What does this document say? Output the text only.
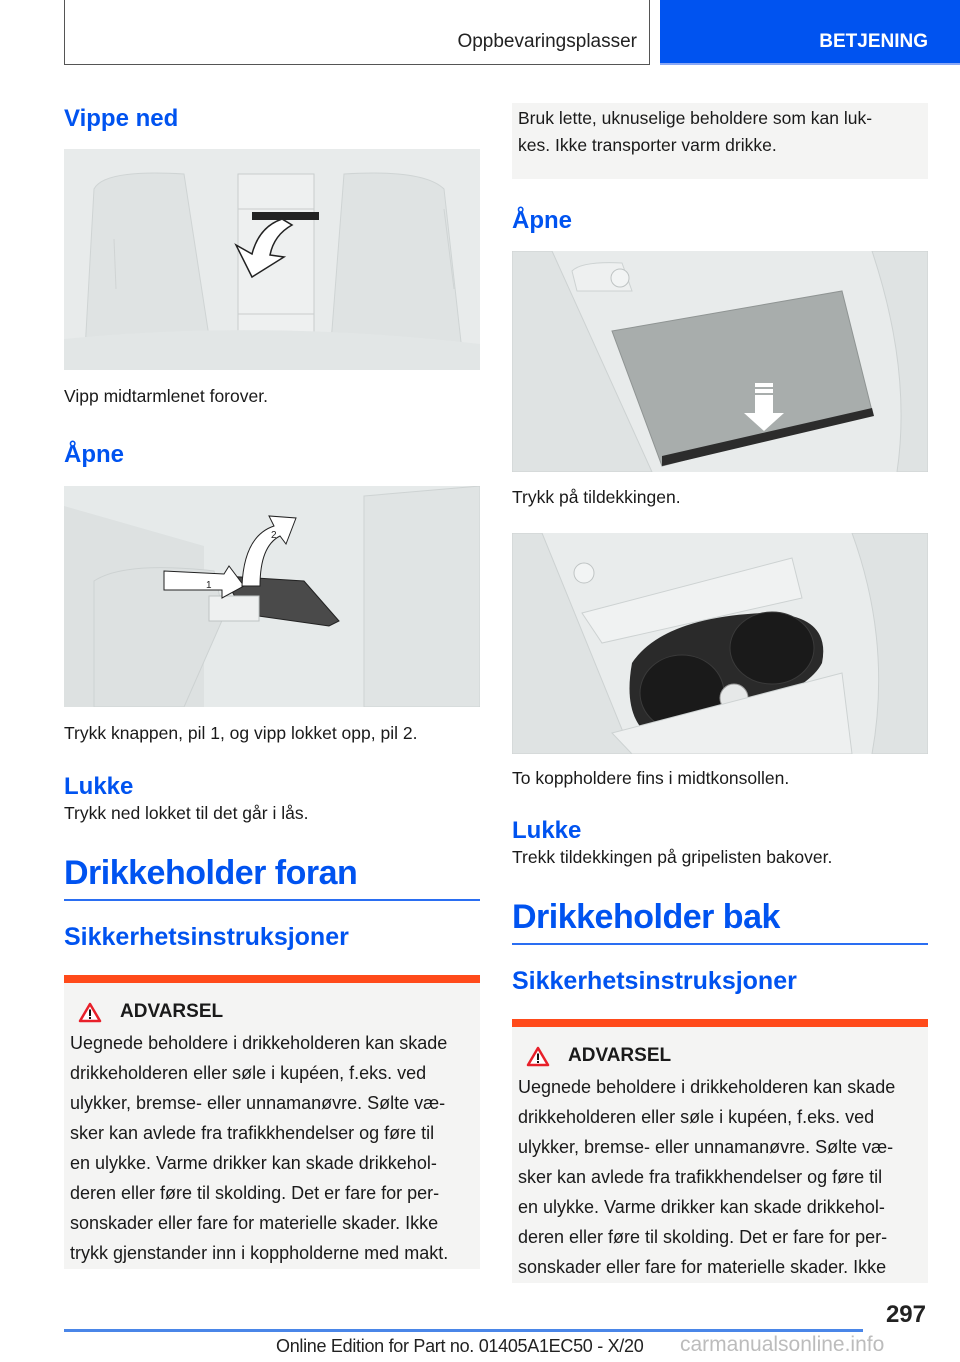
Oppbevaringsplasser	BETJENING
Vippe ned
Vipp midtarmlenet forover.
Åpne
1
2
Trykk knappen, pil 1, og vipp lokket opp, pil 2.
Lukke
Trykk ned lokket til det går i lås.
Drikkeholder foran
Sikkerhetsinstruksjoner
ADVARSEL
Uegnede beholdere i drikkeholderen kan skade
drikkeholderen eller søle i kupéen, f.eks. ved
ulykker, bremse- eller unnamanøvre. Sølte væ-
sker kan avlede fra trafikkhendelser og føre til
en ulykke. Varme drikker kan skade drikkehol-
deren eller føre til skolding. Det er fare for per-
sonskader eller fare for materielle skader. Ikke
trykk gjenstander inn i koppholderne med makt.
Bruk lette, uknuselige beholdere som kan luk-
kes. Ikke transporter varm drikke.
Åpne
Trykk på tildekkingen.
To koppholdere fins i midtkonsollen.
Lukke
Trekk tildekkingen på gripelisten bakover.
Drikkeholder bak
Sikkerhetsinstruksjoner
ADVARSEL
Uegnede beholdere i drikkeholderen kan skade
drikkeholderen eller søle i kupéen, f.eks. ved
ulykker, bremse- eller unnamanøvre. Sølte væ-
sker kan avlede fra trafikkhendelser og føre til
en ulykke. Varme drikker kan skade drikkehol-
deren eller føre til skolding. Det er fare for per-
sonskader eller fare for materielle skader. Ikke
297
Online Edition for Part no. 01405A1EC50 - X/20 carmanualsonline.info
